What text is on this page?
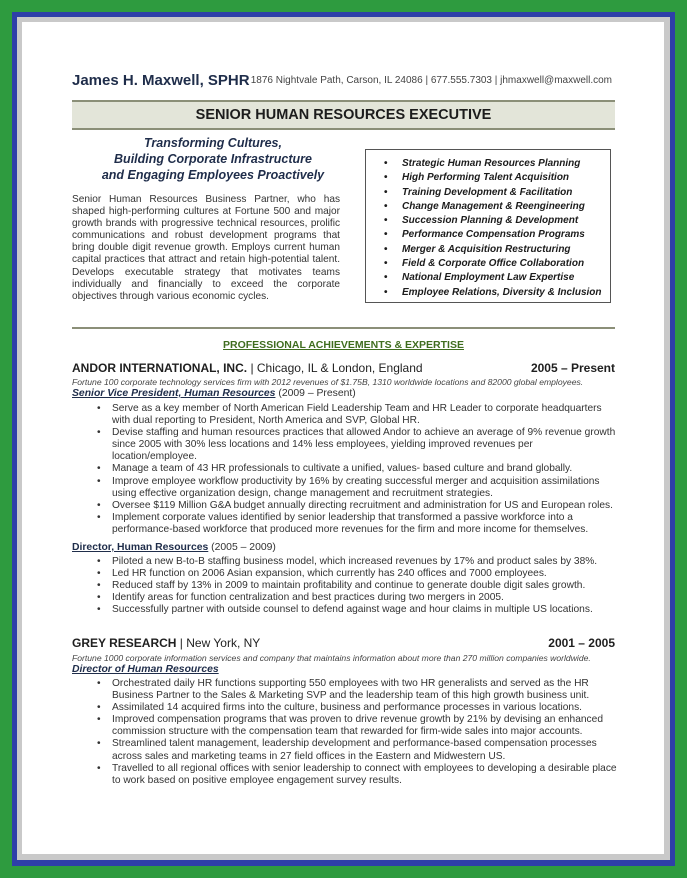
James H. Maxwell, SPHR 1876 Nightvale Path, Carson, IL 24086 | 677.555.7303 | jhmaxwell@maxwell.com
SENIOR HUMAN RESOURCES EXECUTIVE
Transforming Cultures,
Building Corporate Infrastructure
and Engaging Employees Proactively
Senior Human Resources Business Partner, who has shaped high-performing cultures at Fortune 500 and major growth brands with progressive technical resources, prolific communications and robust development programs that bring double digit revenue growth. Employs current human capital practices that attract and retain high-potential talent. Develops executable strategy that motivates teams individually and financially to exceed the corporate objectives through various economic cycles.
• Strategic Human Resources Planning
• High Performing Talent Acquisition
• Training Development & Facilitation
• Change Management & Reengineering
• Succession Planning & Development
• Performance Compensation Programs
• Merger & Acquisition Restructuring
• Field & Corporate Office Collaboration
• National Employment Law Expertise
• Employee Relations, Diversity & Inclusion
PROFESSIONAL ACHIEVEMENTS & EXPERTISE
ANDOR INTERNATIONAL, INC. | Chicago, IL & London, England	2005 – Present
Fortune 100 corporate technology services firm with 2012 revenues of $1.75B, 1310 worldwide locations and 82000 global employees.
Senior Vice President, Human Resources (2009 – Present)
• Serve as a key member of North American Field Leadership Team and HR Leader to corporate headquarters with dual reporting to President, North America and SVP, Global HR.
• Devise staffing and human resources practices that allowed Andor to achieve an average of 9% revenue growth since 2005 with 30% less locations and 14% less employees, yielding improved revenues per location/employee.
• Manage a team of 43 HR professionals to cultivate a unified, values- based culture and brand globally.
• Improve employee workflow productivity by 16% by creating successful merger and acquisition assimilations using effective organization design, change management and recruitment strategies.
• Oversee $119 Million G&A budget annually directing recruitment and administration for US and European roles.
• Implement corporate values identified by senior leadership that transformed a passive workforce into a performance-based workforce that produced more revenues for the firm and more income for themselves.
Director, Human Resources (2005 – 2009)
• Piloted a new B-to-B staffing business model, which increased revenues by 17% and product sales by 38%.
• Led HR function on 2006 Asian expansion, which currently has 240 offices and 7000 employees.
• Reduced staff by 13% in 2009 to maintain profitability and continue to generate double digit sales growth.
• Identify areas for function centralization and best practices during two mergers in 2005.
• Successfully partner with outside counsel to defend against wage and hour claims in multiple US locations.
GREY RESEARCH | New York, NY	2001 – 2005
Fortune 1000 corporate information services and company that maintains information about more than 270 million companies worldwide.
Director of Human Resources
• Orchestrated daily HR functions supporting 550 employees with two HR generalists and served as the HR Business Partner to the Sales & Marketing SVP and the leadership team of this high growth business unit.
• Assimilated 14 acquired firms into the culture, business and performance processes in various locations.
• Improved compensation programs that was proven to drive revenue growth by 21% by devising an enhanced commission structure with the compensation team that rewarded for firm-wide sales into major accounts.
• Streamlined talent management, leadership development and performance-based compensation processes across sales and marketing teams in 27 field offices in the Eastern and Midwestern US.
• Travelled to all regional offices with senior leadership to connect with employees to developing a desirable place to work based on positive employee engagement survey results.
